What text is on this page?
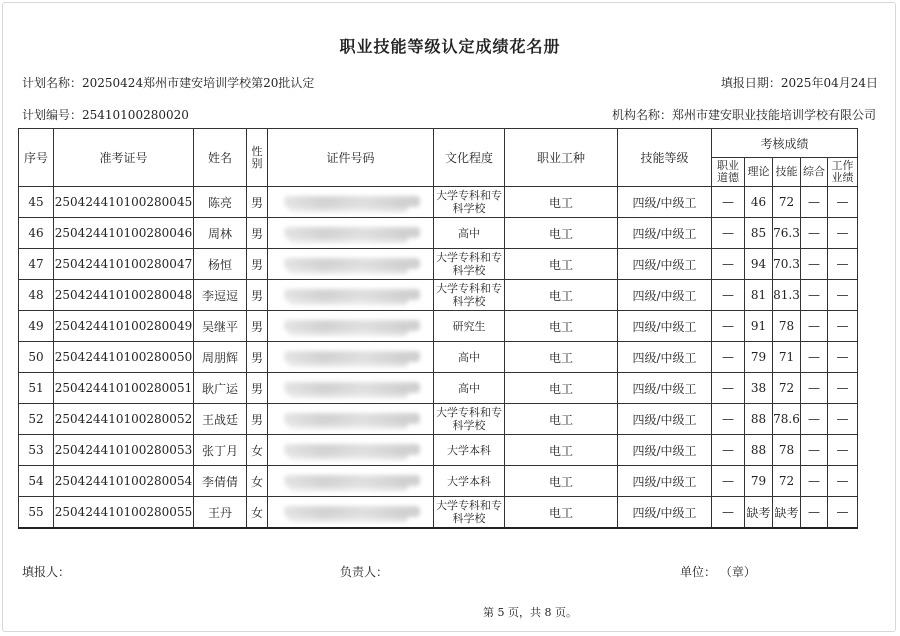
职业技能等级认定成绩花名册
计划名称：20250424郑州市建安培训学校第20批认定	填报日期：2025年04月24日
计划编号：25410100280020	机构名称：郑州市建安职业技能培训学校有限公司
序号	准考证号	姓名	性别	证件号码	文化程度	职业工种	技能等级	考核成绩				
								职业道德	理论	技能	综合	工作业绩
45	250424410100280045	陈亮	男		大学专科和专科学校	电工	四级/中级工	—	46	72	—	—
46	250424410100280046	周林	男		高中	电工	四级/中级工	—	85	76.3	—	—
47	250424410100280047	杨恒	男		大学专科和专科学校	电工	四级/中级工	—	94	70.3	—	—
48	250424410100280048	李逗逗	男		大学专科和专科学校	电工	四级/中级工	—	81	81.3	—	—
49	250424410100280049	吴继平	男		研究生	电工	四级/中级工	—	91	78	—	—
50	250424410100280050	周朋辉	男		高中	电工	四级/中级工	—	79	71	—	—
51	250424410100280051	耿广运	男		高中	电工	四级/中级工	—	38	72	—	—
52	250424410100280052	王战廷	男		大学专科和专科学校	电工	四级/中级工	—	88	78.6	—	—
53	250424410100280053	张丁月	女		大学本科	电工	四级/中级工	—	88	78	—	—
54	250424410100280054	李倩倩	女		大学本科	电工	四级/中级工	—	79	72	—	—
55	250424410100280055	王丹	女		大学专科和专科学校	电工	四级/中级工	—	缺考	缺考	—	—
填报人：	负责人：	单位： （章）
第 5 页，共 8 页。
